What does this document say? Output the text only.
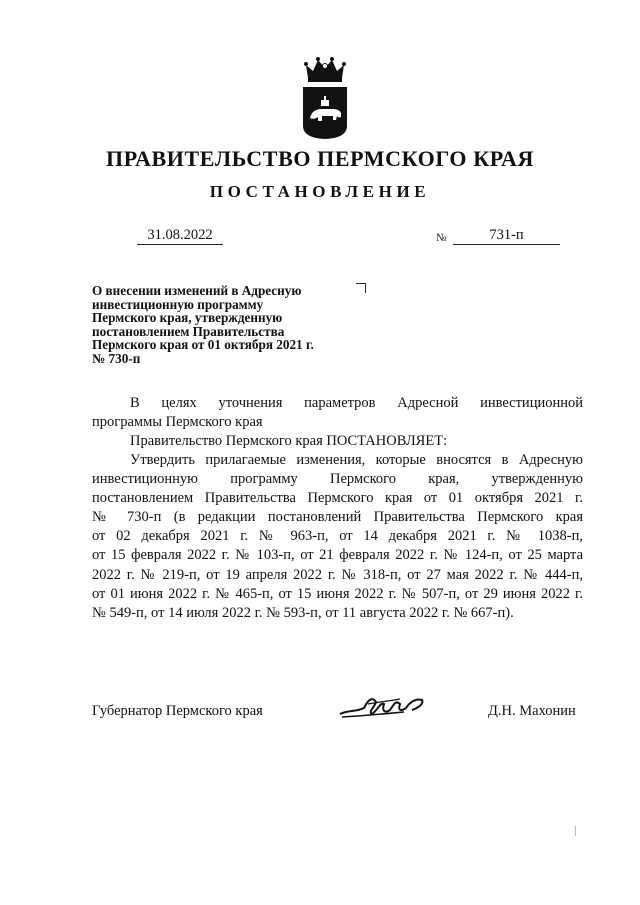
ПРАВИТЕЛЬСТВО ПЕРМСКОГО КРАЯ
ПОСТАНОВЛЕНИЕ
31.08.2022	№	731-п
О внесении изменений в Адресную
инвестиционную программу
Пермского края, утвержденную
постановлением Правительства
Пермского края от 01 октября 2021 г.
№ 730-п
В целях уточнения параметров Адресной инвестиционной
программы Пермского края
Правительство Пермского края ПОСТАНОВЛЯЕТ:
Утвердить прилагаемые изменения, которые вносятся в Адресную
инвестиционную программу Пермского края, утвержденную
постановлением Правительства Пермского края от 01 октября 2021 г.
№ 730-п (в редакции постановлений Правительства Пермского края
от 02 декабря 2021 г. № 963-п, от 14 декабря 2021 г. № 1038-п,
от 15 февраля 2022 г. № 103-п, от 21 февраля 2022 г. № 124-п, от 25 марта
2022 г. № 219-п, от 19 апреля 2022 г. № 318-п, от 27 мая 2022 г. № 444-п,
от 01 июня 2022 г. № 465-п, от 15 июня 2022 г. № 507-п, от 29 июня 2022 г.
№ 549-п, от 14 июля 2022 г. № 593-п, от 11 августа 2022 г. № 667-п).
Губернатор Пермского края	Д.Н. Махонин
